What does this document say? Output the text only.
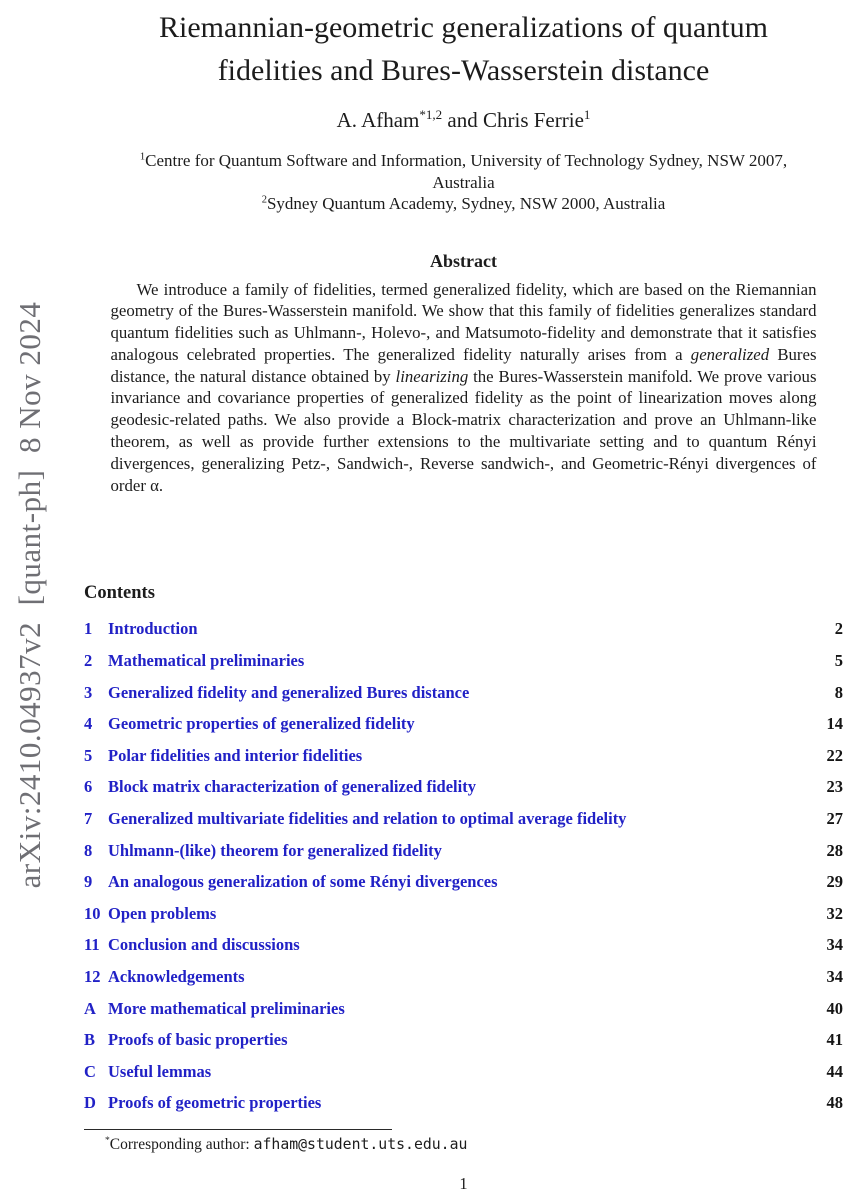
arXiv:2410.04937v2  [quant-ph]  8 Nov 2024
Riemannian-geometric generalizations of quantum
fidelities and Bures-Wasserstein distance
A. Afham$^{*1,2}$ and Chris Ferrie$^1$
$^1$Centre for Quantum Software and Information, University of Technology Sydney, NSW 2007,
Australia
$^2$Sydney Quantum Academy, Sydney, NSW 2000, Australia
Abstract

We introduce a family of fidelities, termed generalized fidelity, which are based on the Riemannian geometry of the Bures-Wasserstein manifold. We show that this family of fidelities generalizes standard quantum fidelities such as Uhlmann-, Holevo-, and Matsumoto-fidelity and demonstrate that it satisfies analogous celebrated properties. The generalized fidelity naturally arises from a generalized Bures distance, the natural distance obtained by linearizing the Bures-Wasserstein manifold. We prove various invariance and covariance properties of generalized fidelity as the point of linearization moves along geodesic-related paths. We also provide a Block-matrix characterization and prove an Uhlmann-like theorem, as well as provide further extensions to the multivariate setting and to quantum Rényi divergences, generalizing Petz-, Sandwich-, Reverse sandwich-, and Geometric-Rényi divergences of order α.

Contents
1 Introduction	2
2 Mathematical preliminaries	5
3 Generalized fidelity and generalized Bures distance	8
4 Geometric properties of generalized fidelity	14
5 Polar fidelities and interior fidelities	22
6 Block matrix characterization of generalized fidelity	23
7 Generalized multivariate fidelities and relation to optimal average fidelity	27
8 Uhlmann-(like) theorem for generalized fidelity	28
9 An analogous generalization of some Rényi divergences	29
10 Open problems	32
11 Conclusion and discussions	34
12 Acknowledgements	34
A More mathematical preliminaries	40
B Proofs of basic properties	41
C Useful lemmas	44
D Proofs of geometric properties	48
*Corresponding author: afham@student.uts.edu.au
1
